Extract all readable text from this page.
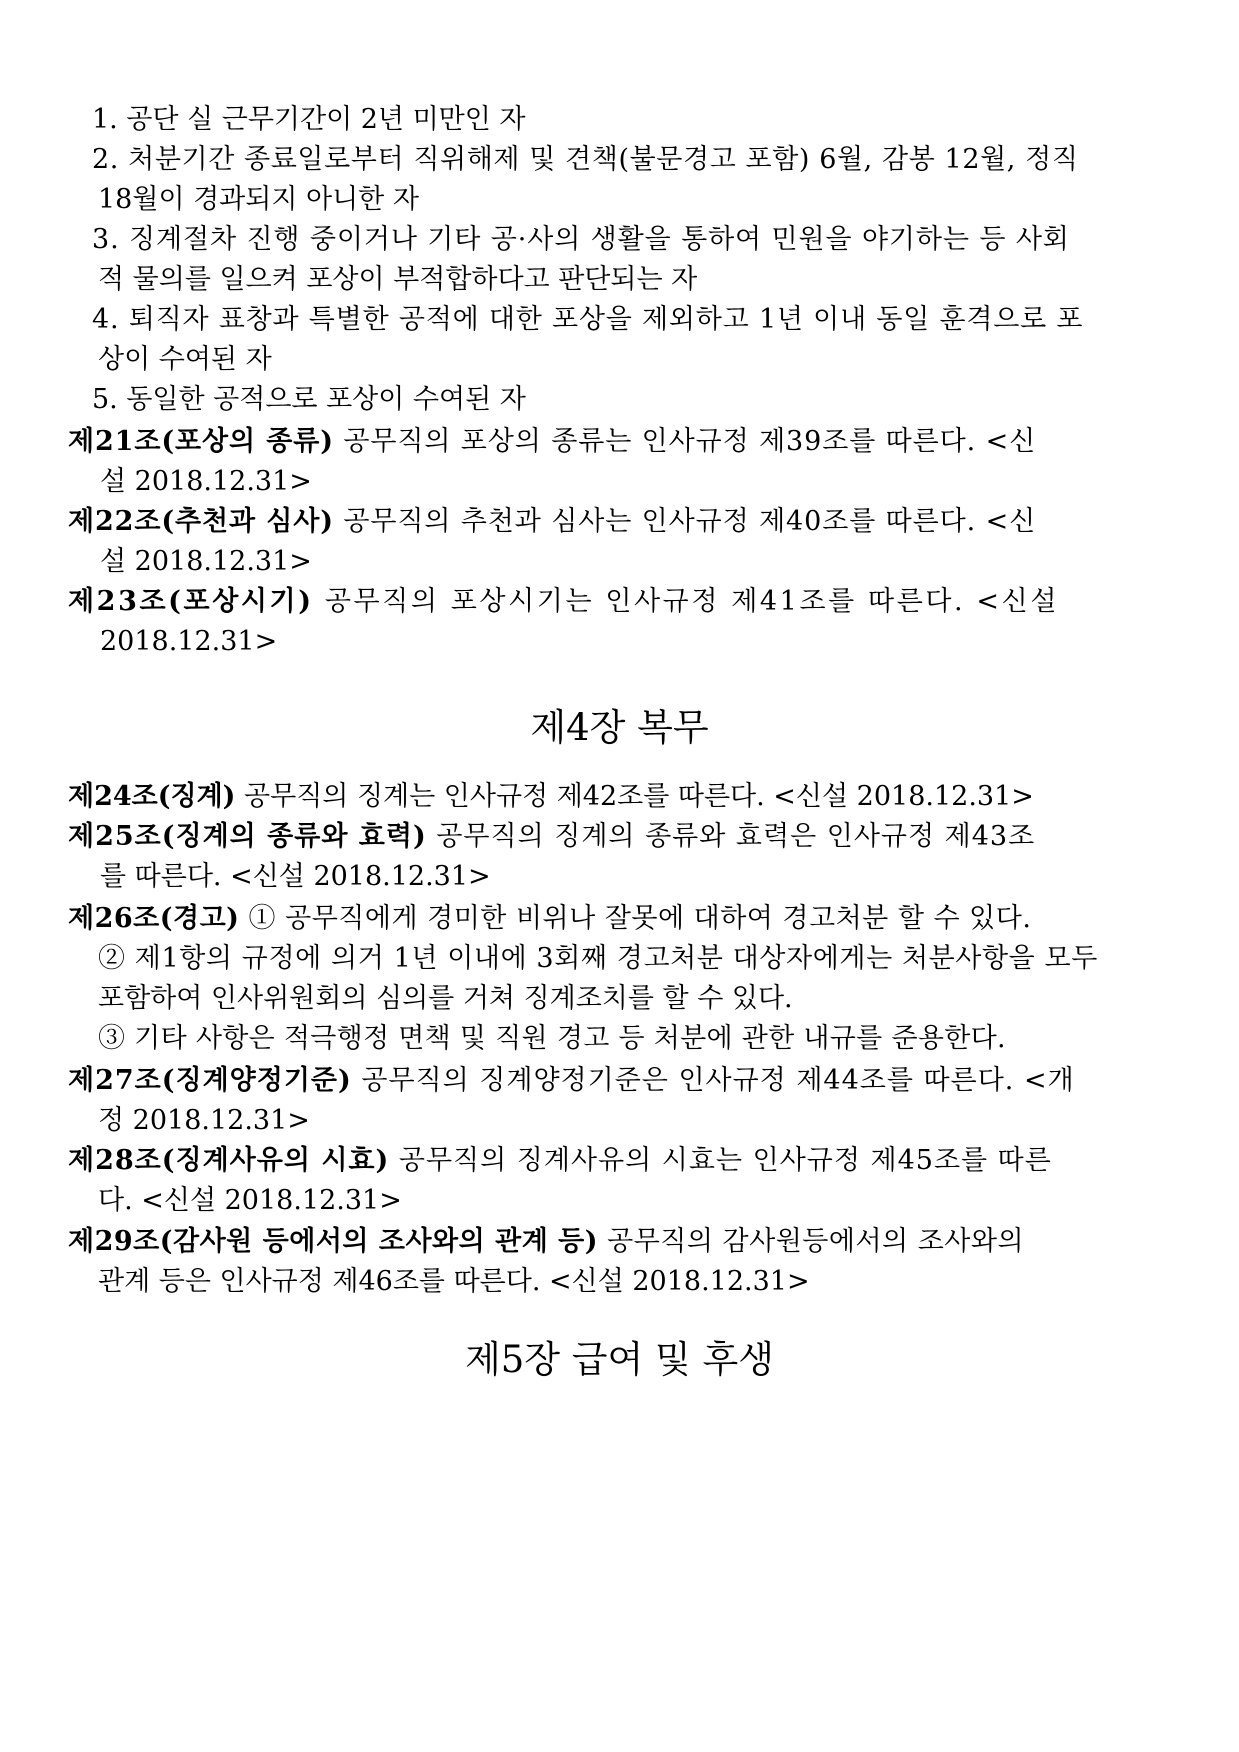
1. 공단 실 근무기간이 2년 미만인 자
2. 처분기간 종료일로부터 직위해제 및 견책(불문경고 포함) 6월, 감봉 12월, 정직
18월이 경과되지 아니한 자
3. 징계절차 진행 중이거나 기타 공·사의 생활을 통하여 민원을 야기하는 등 사회
적 물의를 일으켜 포상이 부적합하다고 판단되는 자
4. 퇴직자 표창과 특별한 공적에 대한 포상을 제외하고 1년 이내 동일 훈격으로 포
상이 수여된 자
5. 동일한 공적으로 포상이 수여된 자
제21조(포상의 종류) 공무직의 포상의 종류는 인사규정 제39조를 따른다. <신
설 2018.12.31>
제22조(추천과 심사) 공무직의 추천과 심사는 인사규정 제40조를 따른다. <신
설 2018.12.31>
제23조(포상시기) 공무직의 포상시기는 인사규정 제41조를 따른다. <신설
2018.12.31>
제4장 복무
제24조(징계) 공무직의 징계는 인사규정 제42조를 따른다. <신설 2018.12.31>
제25조(징계의 종류와 효력) 공무직의 징계의 종류와 효력은 인사규정 제43조
를 따른다. <신설 2018.12.31>
제26조(경고) ① 공무직에게 경미한 비위나 잘못에 대하여 경고처분 할 수 있다.
② 제1항의 규정에 의거 1년 이내에 3회째 경고처분 대상자에게는 처분사항을 모두
포함하여 인사위원회의 심의를 거쳐 징계조치를 할 수 있다.
③ 기타 사항은 적극행정 면책 및 직원 경고 등 처분에 관한 내규를 준용한다.
제27조(징계양정기준) 공무직의 징계양정기준은 인사규정 제44조를 따른다. <개
정 2018.12.31>
제28조(징계사유의 시효) 공무직의 징계사유의 시효는 인사규정 제45조를 따른
다. <신설 2018.12.31>
제29조(감사원 등에서의 조사와의 관계 등) 공무직의 감사원등에서의 조사와의
관계 등은 인사규정 제46조를 따른다. <신설 2018.12.31>
제5장 급여 및 후생
